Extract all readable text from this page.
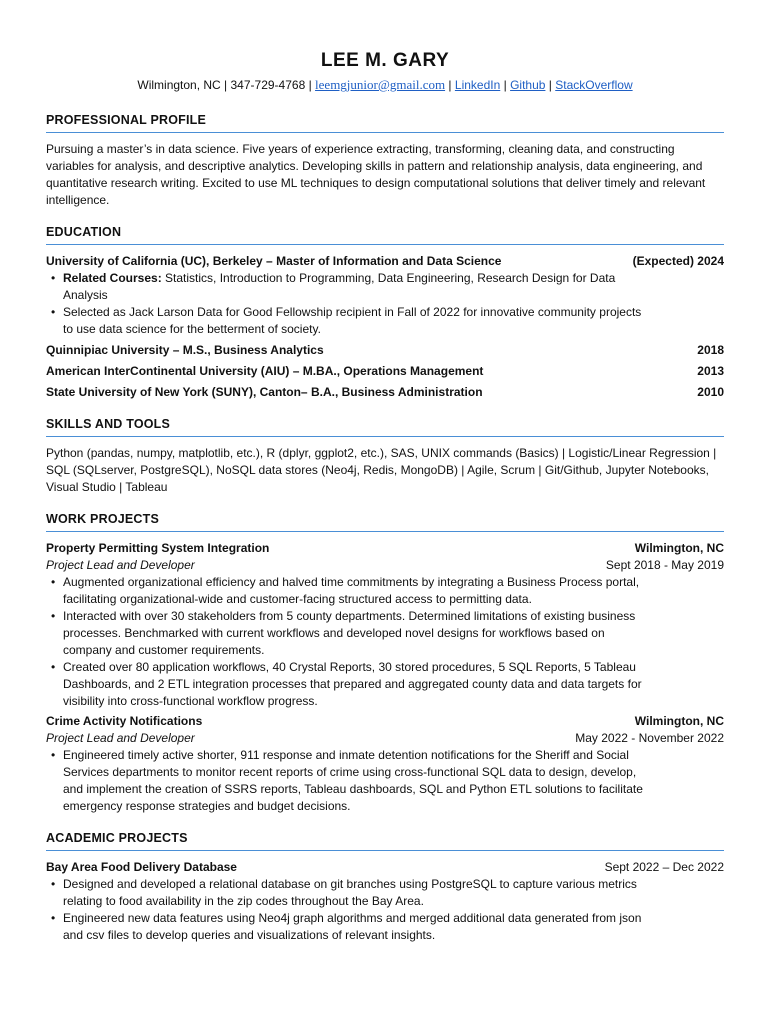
LEE M. GARY
Wilmington, NC | 347-729-4768 | leemgjunior@gmail.com | LinkedIn | Github | StackOverflow
PROFESSIONAL PROFILE

Pursuing a master’s in data science. Five years of experience extracting, transforming, cleaning data, and constructing variables for analysis, and descriptive analytics. Developing skills in pattern and relationship analysis, data engineering, and quantitative research writing. Excited to use ML techniques to design computational solutions that deliver timely and relevant intelligence.

EDUCATION
University of California (UC), Berkeley – Master of Information and Data Science	(Expected) 2024
• Related Courses: Statistics, Introduction to Programming, Data Engineering, Research Design for Data Analysis
• Selected as Jack Larson Data for Good Fellowship recipient in Fall of 2022 for innovative community projects to use data science for the betterment of society.
Quinnipiac University – M.S., Business Analytics	2018
American InterContinental University (AIU) – M.BA., Operations Management	2013
State University of New York (SUNY), Canton– B.A., Business Administration	2010
SKILLS AND TOOLS

Python (pandas, numpy, matplotlib, etc.), R (dplyr, ggplot2, etc.), SAS, UNIX commands (Basics) | Logistic/Linear Regression | SQL (SQLserver, PostgreSQL), NoSQL data stores (Neo4j, Redis, MongoDB) | Agile, Scrum | Git/Github, Jupyter Notebooks, Visual Studio | Tableau

WORK PROJECTS
Property Permitting System Integration	Wilmington, NC
Project Lead and Developer	Sept 2018 - May 2019
• Augmented organizational efficiency and halved time commitments by integrating a Business Process portal, facilitating organizational-wide and customer-facing structured access to permitting data.
• Interacted with over 30 stakeholders from 5 county departments. Determined limitations of existing business processes. Benchmarked with current workflows and developed novel designs for workflows based on company and customer requirements.
• Created over 80 application workflows, 40 Crystal Reports, 30 stored procedures, 5 SQL Reports, 5 Tableau Dashboards, and 2 ETL integration processes that prepared and aggregated county data and data targets for visibility into cross-functional workflow progress.
Crime Activity Notifications	Wilmington, NC
Project Lead and Developer	May 2022 - November 2022
• Engineered timely active shorter, 911 response and inmate detention notifications for the Sheriff and Social Services departments to monitor recent reports of crime using cross-functional SQL data to design, develop, and implement the creation of SSRS reports, Tableau dashboards, SQL and Python ETL solutions to facilitate emergency response strategies and budget decisions.
ACADEMIC PROJECTS
Bay Area Food Delivery Database	Sept 2022 – Dec 2022
• Designed and developed a relational database on git branches using PostgreSQL to capture various metrics relating to food availability in the zip codes throughout the Bay Area.
• Engineered new data features using Neo4j graph algorithms and merged additional data generated from json and csv files to develop queries and visualizations of relevant insights.
